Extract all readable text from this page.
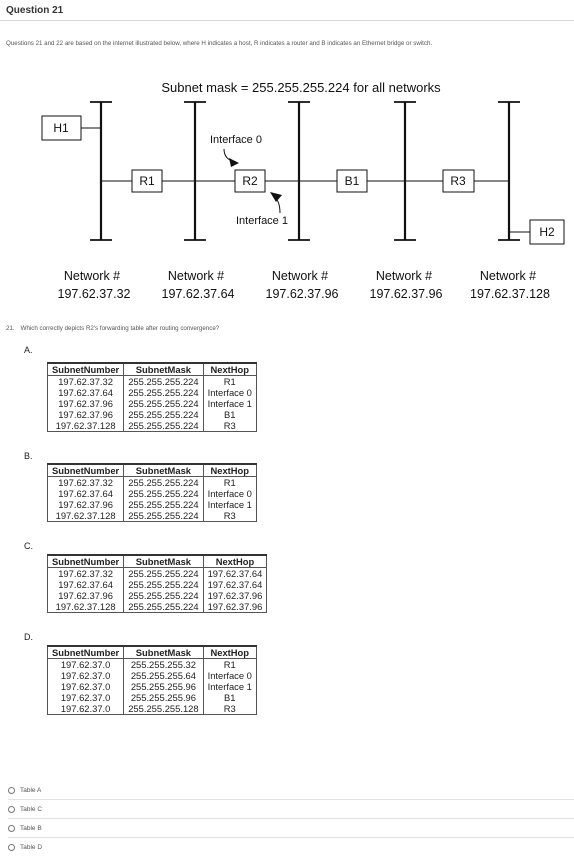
Question 21
Questions 21 and 22 are based on the internet illustrated below, where H indicates a host, R indicates a router and B indicates an Ethernet bridge or switch.
Subnet mask = 255.255.255.224 for all networks
H1
R1	R2	B1	R3
H2
Interface 0
Interface 1
Network #
197.62.37.32
Network #
197.62.37.64
Network #
197.62.37.96
Network #
197.62.37.96
Network #
197.62.37.128
21. Which correctly depicts R2's forwarding table after routing convergence?
A.
SubnetNumber	SubnetMask	NextHop
197.62.37.32	255.255.255.224	R1
197.62.37.64	255.255.255.224	Interface 0
197.62.37.96	255.255.255.224	Interface 1
197.62.37.96	255.255.255.224	B1
197.62.37.128	255.255.255.224	R3
B.
SubnetNumber	SubnetMask	NextHop
197.62.37.32	255.255.255.224	R1
197.62.37.64	255.255.255.224	Interface 0
197.62.37.96	255.255.255.224	Interface 1
197.62.37.128	255.255.255.224	R3
C.
SubnetNumber	SubnetMask	NextHop
197.62.37.32	255.255.255.224	197.62.37.64
197.62.37.64	255.255.255.224	197.62.37.64
197.62.37.96	255.255.255.224	197.62.37.96
197.62.37.128	255.255.255.224	197.62.37.96
D.
SubnetNumber	SubnetMask	NextHop
197.62.37.0	255.255.255.32	R1
197.62.37.0	255.255.255.64	Interface 0
197.62.37.0	255.255.255.96	Interface 1
197.62.37.0	255.255.255.96	B1
197.62.37.0	255.255.255.128	R3
Table A
Table C
Table B
Table D
